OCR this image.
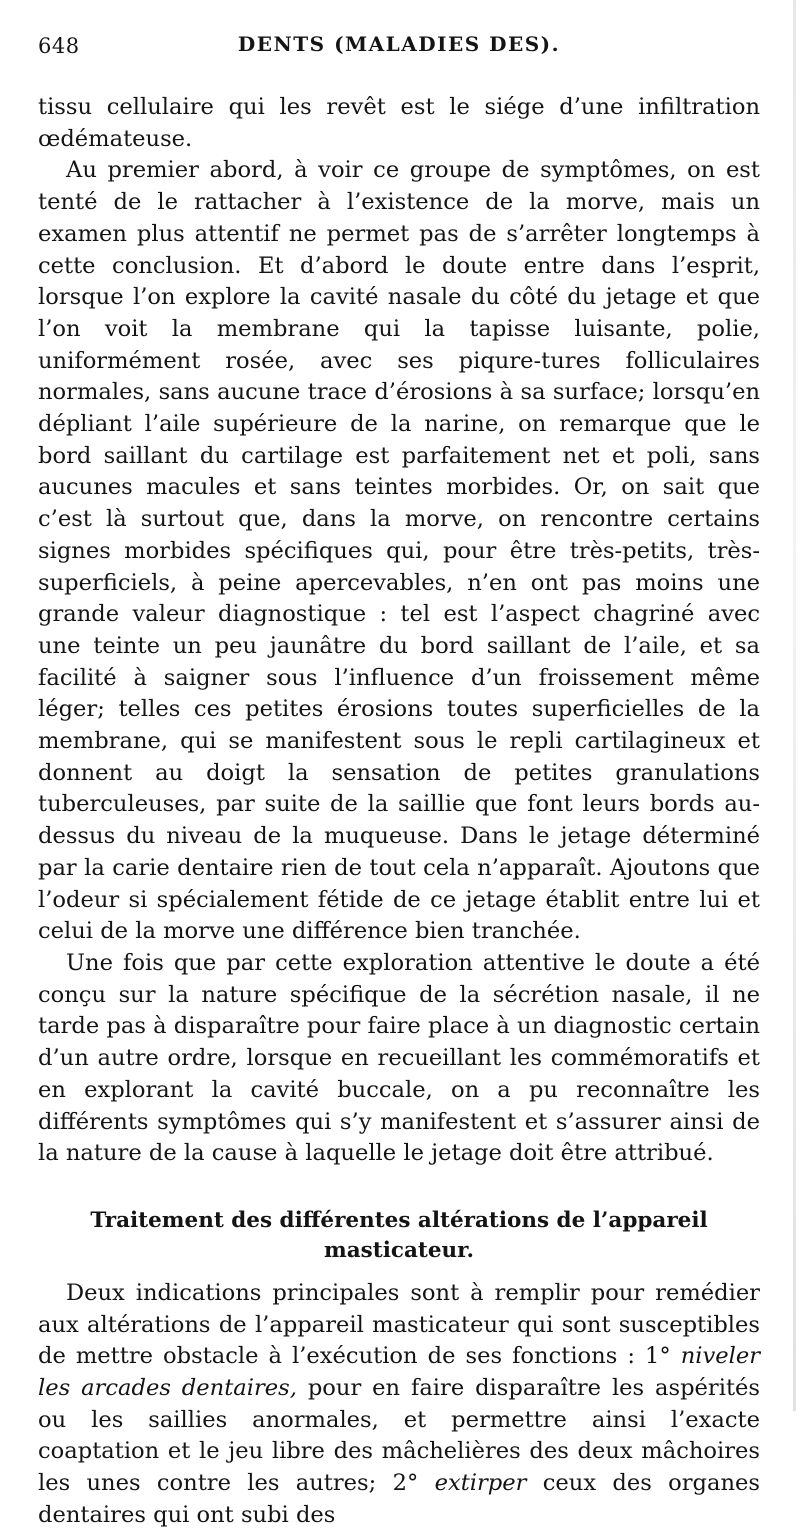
648	DENTS (MALADIES DES).

tissu cellulaire qui les revêt est le siége d’une infiltration œdémateuse.

Au premier abord, à voir ce groupe de symptômes, on est tenté de le rattacher à l’existence de la morve, mais un examen plus attentif ne permet pas de s’arrêter longtemps à cette conclusion. Et d’abord le doute entre dans l’esprit, lorsque l’on explore la cavité nasale du côté du jetage et que l’on voit la membrane qui la tapisse luisante, polie, uniformément rosée, avec ses piqure-tures folliculaires normales, sans aucune trace d’érosions à sa surface; lorsqu’en dépliant l’aile supérieure de la narine, on remarque que le bord saillant du cartilage est parfaitement net et poli, sans aucunes macules et sans teintes morbides. Or, on sait que c’est là surtout que, dans la morve, on rencontre certains signes morbides spécifiques qui, pour être très-petits, très-superficiels, à peine apercevables, n’en ont pas moins une grande valeur diagnostique : tel est l’aspect chagriné avec une teinte un peu jaunâtre du bord saillant de l’aile, et sa facilité à saigner sous l’influence d’un froissement même léger; telles ces petites érosions toutes superficielles de la membrane, qui se manifestent sous le repli cartilagineux et donnent au doigt la sensation de petites granulations tuberculeuses, par suite de la saillie que font leurs bords au-dessus du niveau de la muqueuse. Dans le jetage déterminé par la carie dentaire rien de tout cela n’apparaît. Ajoutons que l’odeur si spécialement fétide de ce jetage établit entre lui et celui de la morve une différence bien tranchée.

Une fois que par cette exploration attentive le doute a été conçu sur la nature spécifique de la sécrétion nasale, il ne tarde pas à disparaître pour faire place à un diagnostic certain d’un autre ordre, lorsque en recueillant les commémoratifs et en explorant la cavité buccale, on a pu reconnaître les différents symptômes qui s’y manifestent et s’assurer ainsi de la nature de la cause à laquelle le jetage doit être attribué.

Traitement des différentes altérations de l’appareil
masticateur.

Deux indications principales sont à remplir pour remédier aux altérations de l’appareil masticateur qui sont susceptibles de mettre obstacle à l’exécution de ses fonctions : 1° niveler les arcades dentaires, pour en faire disparaître les aspérités ou les saillies anormales, et permettre ainsi l’exacte coaptation et le jeu libre des mâchelières des deux mâchoires les unes contre les autres; 2° extirper ceux des organes dentaires qui ont subi des
